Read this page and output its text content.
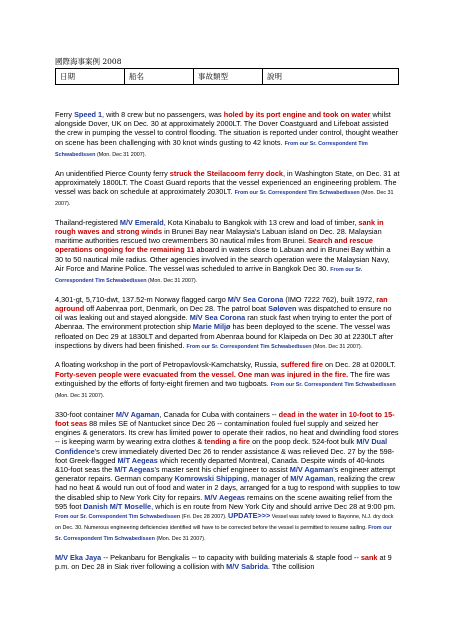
國際海事案例 2008
日期	船名	事故類型	說明

Ferry Speed 1, with 8 crew but no passengers, was holed by its port engine and took on water whilst alongside Dover, UK on Dec. 30 at approximately 2000LT. The Dover Coastguard and Lifeboat assisted the crew in pumping the vessel to control flooding. The situation is reported under control, thought weather on scene has been challenging with 30 knot winds gusting to 42 knots. From our Sr. Correspondent Tim Schwabedissen (Mon. Dec 31 2007).

An unidentified Pierce County ferry struck the Steilacoom ferry dock, in Washington State, on Dec. 31 at approximately 1800LT. The Coast Guard reports that the vessel experienced an engineering problem. The vessel was back on schedule at approximately 2030LT. From our Sr. Correspondent Tim Schwabedissen (Mon. Dec 31 2007).

Thailand-registered M/V Emerald, Kota Kinabalu to Bangkok with 13 crew and load of timber, sank in rough waves and strong winds in Brunei Bay near Malaysia's Labuan island on Dec. 28. Malaysian maritime authorities rescued two crewmembers 30 nautical miles from Brunei. Search and rescue operations ongoing for the remaining 11 aboard in waters close to Labuan and in Brunei Bay within a 30 to 50 nautical mile radius. Other agencies involved in the search operation were the Malaysian Navy, Air Force and Marine Police. The vessel was scheduled to arrive in Bangkok Dec 30. From our Sr. Correspondent Tim Schwabedissen (Mon. Dec 31 2007).

4,301-gt, 5,710-dwt, 137.52-m Norway flagged cargo M/V Sea Corona (IMO 7222 762), built 1972, ran aground off Aabenraa port, Denmark, on Dec 28. The patrol boat Søløven was dispatched to ensure no oil was leaking out and stayed alongside. M/V Sea Corona ran stuck fast when trying to enter the port of Abenraa. The environment protection ship Marie Miljø has been deployed to the scene. The vessel was refloated on Dec 29 at 1830LT and departed from Abenraa bound for Klaipeda on Dec 30 at 2230LT after inspections by divers had been finished. From our Sr. Correspondent Tim Schwabedissen (Mon. Dec 31 2007).

A floating workshop in the port of Petropavlovsk-Kamchatsky, Russia, suffered fire on Dec. 28 at 0200LT. Forty-seven people were evacuated from the vessel. One man was injured in the fire. The fire was extinguished by the efforts of forty-eight firemen and two tugboats. From our Sr. Correspondent Tim Schwabedissen (Mon. Dec 31 2007).

330-foot container M/V Agaman, Canada for Cuba with containers -- dead in the water in 10-foot to 15-foot seas 88 miles SE of Nantucket since Dec 26 -- contamination fouled fuel supply and seized her engines & generators. Its crew has limited power to operate their radios, no heat and dwindling food stores -- is keeping warm by wearing extra clothes & tending a fire on the poop deck. 524-foot bulk M/V Dual Confidence's crew immediately diverted Dec 26 to render assistance & was relieved Dec. 27 by the 598-foot Greek-flagged M/T Aegeas which recently departed Montreal, Canada. Despite winds of 40-knots &10-foot seas the M/T Aegeas's master sent his chief engineer to assist M/V Agaman's engineer attempt generator repairs. German company Komrowski Shipping, manager of M/V Agaman, realizing the crew had no heat & would run out of food and water in 2 days, arranged for a tug to respond with supplies to tow the disabled ship to New York City for repairs. M/V Aegeas remains on the scene awaiting relief from the 595 foot Danish M/T Moselle, which is en route from New York City and should arrive Dec 28 at 9:00 pm. From our Sr. Correspondent Tim Schwabedissen (Fri. Dec 28 2007). UPDATE>>> Vessel was safely towed to Bayonne, N.J. dry dock on Dec. 30. Numerous engineering deficiencies identified will have to be corrected before the vessel is permitted to resume sailing. From our Sr. Correspondent Tim Schwabedissen (Mon. Dec 31 2007).

M/V Eka Jaya -- Pekanbaru for Bengkalis -- to capacity with building materials & staple food -- sank at 9 p.m. on Dec 28 in Siak river following a collision with M/V Sabrida. Tthe collision
